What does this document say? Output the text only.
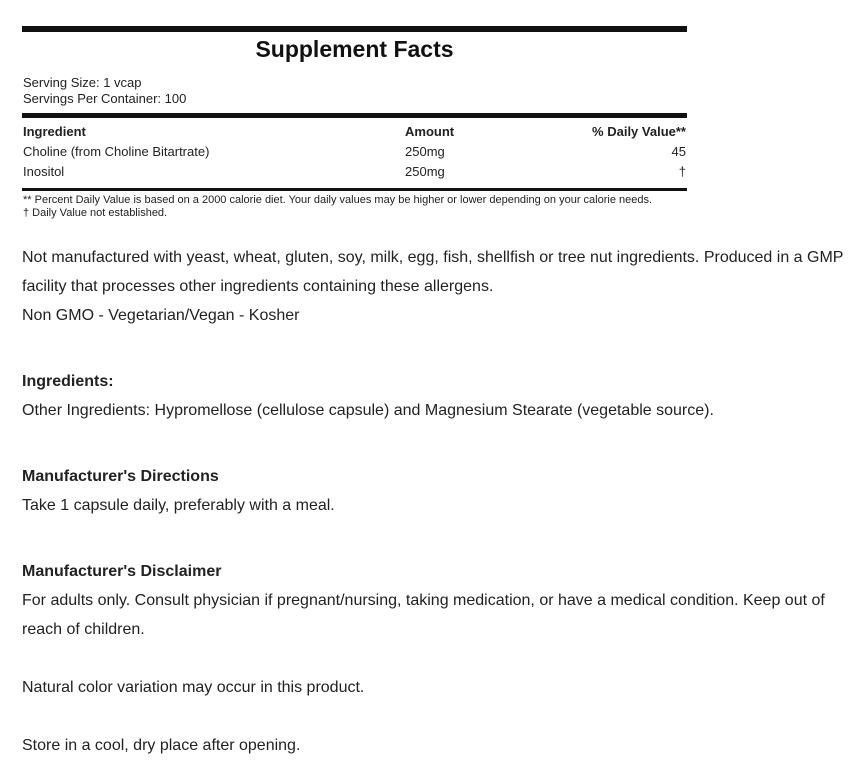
Supplement Facts
Serving Size: 1 vcap
Servings Per Container: 100
Ingredient	Amount	% Daily Value**
Choline (from Choline Bitartrate)	250mg	45
Inositol	250mg	†
** Percent Daily Value is based on a 2000 calorie diet. Your daily values may be higher or lower depending on your calorie needs.
† Daily Value not established.

Not manufactured with yeast, wheat, gluten, soy, milk, egg, fish, shellfish or tree nut ingredients. Produced in a GMP facility that processes other ingredients containing these allergens.

Non GMO - Vegetarian/Vegan - Kosher

Ingredients:

Other Ingredients: Hypromellose (cellulose capsule) and Magnesium Stearate (vegetable source).

Manufacturer's Directions

Take 1 capsule daily, preferably with a meal.

Manufacturer's Disclaimer

For adults only. Consult physician if pregnant/nursing, taking medication, or have a medical condition. Keep out of reach of children.

Natural color variation may occur in this product.

Store in a cool, dry place after opening.
